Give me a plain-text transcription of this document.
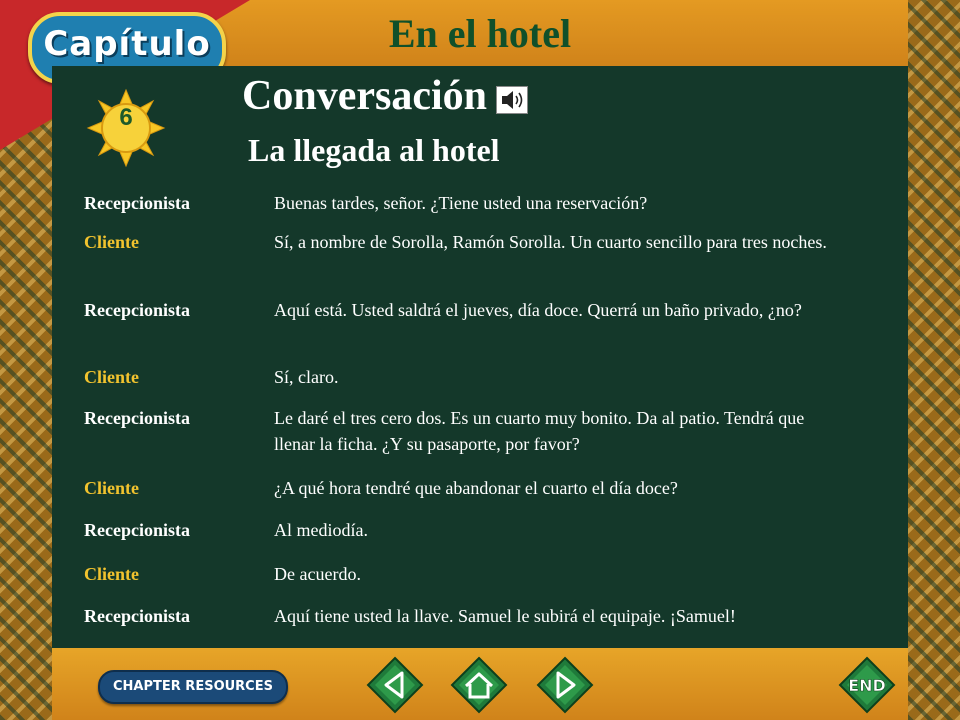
Capítulo	En el hotel
6	Conversación
La llegada al hotel
Recepcionista	Buenas tardes, señor. ¿Tiene usted una reservación?
Cliente	Sí, a nombre de Sorolla, Ramón Sorolla. Un cuarto sencillo para tres noches.
Recepcionista	Aquí está. Usted saldrá el jueves, día doce. Querrá un baño privado, ¿no?
Cliente	Sí, claro.
Recepcionista	Le daré el tres cero dos. Es un cuarto muy bonito. Da al patio. Tendrá que llenar la ficha. ¿Y su pasaporte, por favor?
Cliente	¿A qué hora tendré que abandonar el cuarto el día doce?
Recepcionista	Al mediodía.
Cliente	De acuerdo.
Recepcionista	Aquí tiene usted la llave. Samuel le subirá el equipaje. ¡Samuel!
CHAPTER RESOURCES	END
